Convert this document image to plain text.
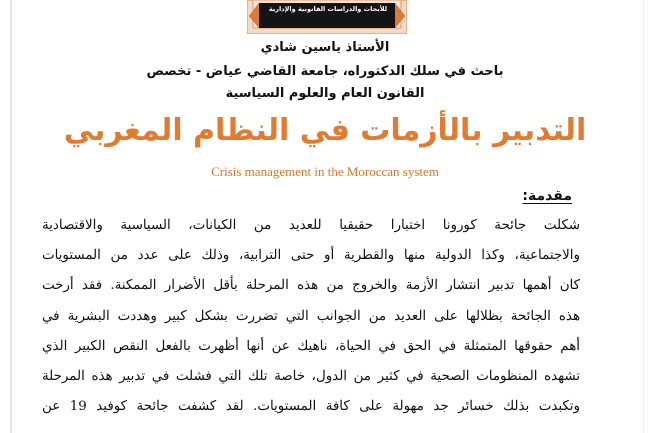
للأبحاث والدراسات القانونية والإدارية
الأستاذ ياسين شادي
باحث في سلك الدكتوراه، جامعة القاضي عياض - تخصص
القانون العام والعلوم السياسية
التدبير بالأزمات في النظام المغربي
Crisis management in the Moroccan system
مقدمة:
شكلت جائحة كورونا اختبارا حقيقيا للعديد من الكيانات، السياسية والاقتصادية
والاجتماعية، وكذا الدولية منها والقطرية أو حتى الترابية، وذلك على عدد من المستويات
كان أهمها تدبير انتشار الأزمة والخروج من هذه المرحلة بأقل الأضرار الممكنة. فقد أرخت
هذه الجائحة بظلالها على العديد من الجوانب التي تضررت بشكل كبير وهددت البشرية في
أهم حقوقها المتمثلة في الحق في الحياة، ناهيك عن أنها أظهرت بالفعل النقص الكبير الذي
تشهده المنظومات الصحية في كثير من الدول، خاصة تلك التي فشلت في تدبير هذه المرحلة
وتكبدت بذلك خسائر جد مهولة على كافة المستويات. لقد كشفت جائحة كوفيد 19 عن
